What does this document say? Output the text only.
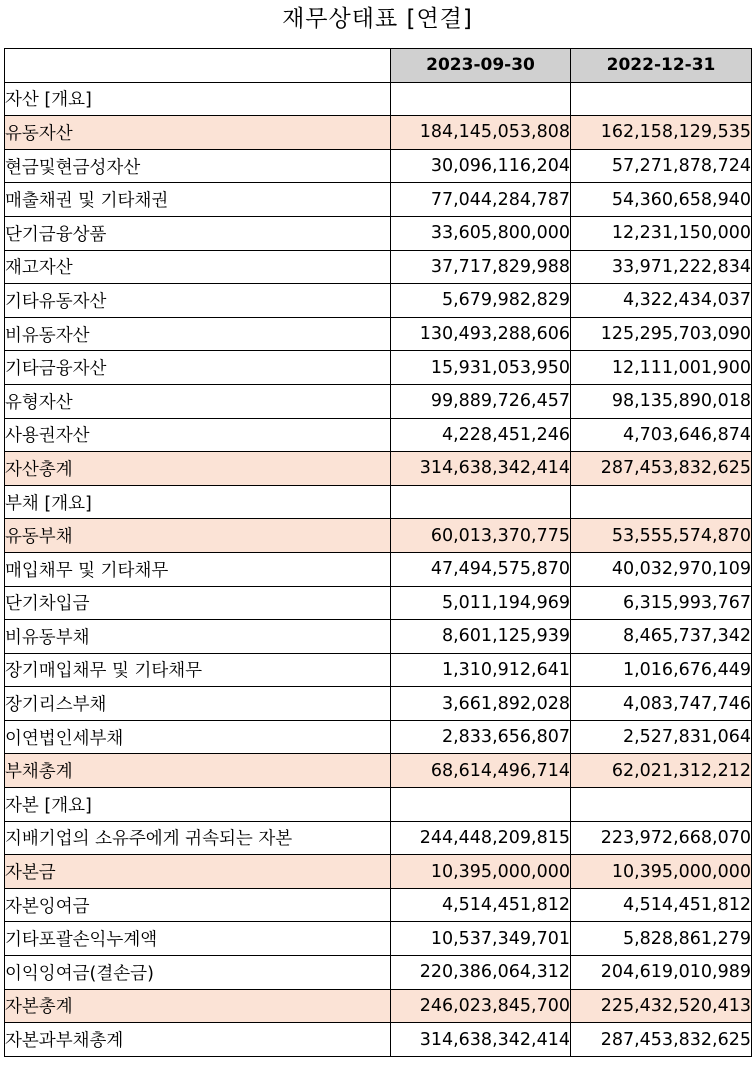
재무상태표 [연결]
	2023-09-30	2022-12-31
자산 [개요]		
유동자산	184,145,053,808	162,158,129,535
현금및현금성자산	30,096,116,204	57,271,878,724
매출채권 및 기타채권	77,044,284,787	54,360,658,940
단기금융상품	33,605,800,000	12,231,150,000
재고자산	37,717,829,988	33,971,222,834
기타유동자산	5,679,982,829	4,322,434,037
비유동자산	130,493,288,606	125,295,703,090
기타금융자산	15,931,053,950	12,111,001,900
유형자산	99,889,726,457	98,135,890,018
사용권자산	4,228,451,246	4,703,646,874
자산총계	314,638,342,414	287,453,832,625
부채 [개요]		
유동부채	60,013,370,775	53,555,574,870
매입채무 및 기타채무	47,494,575,870	40,032,970,109
단기차입금	5,011,194,969	6,315,993,767
비유동부채	8,601,125,939	8,465,737,342
장기매입채무 및 기타채무	1,310,912,641	1,016,676,449
장기리스부채	3,661,892,028	4,083,747,746
이연법인세부채	2,833,656,807	2,527,831,064
부채총계	68,614,496,714	62,021,312,212
자본 [개요]		
지배기업의 소유주에게 귀속되는 자본	244,448,209,815	223,972,668,070
자본금	10,395,000,000	10,395,000,000
자본잉여금	4,514,451,812	4,514,451,812
기타포괄손익누계액	10,537,349,701	5,828,861,279
이익잉여금(결손금)	220,386,064,312	204,619,010,989
자본총계	246,023,845,700	225,432,520,413
자본과부채총계	314,638,342,414	287,453,832,625
